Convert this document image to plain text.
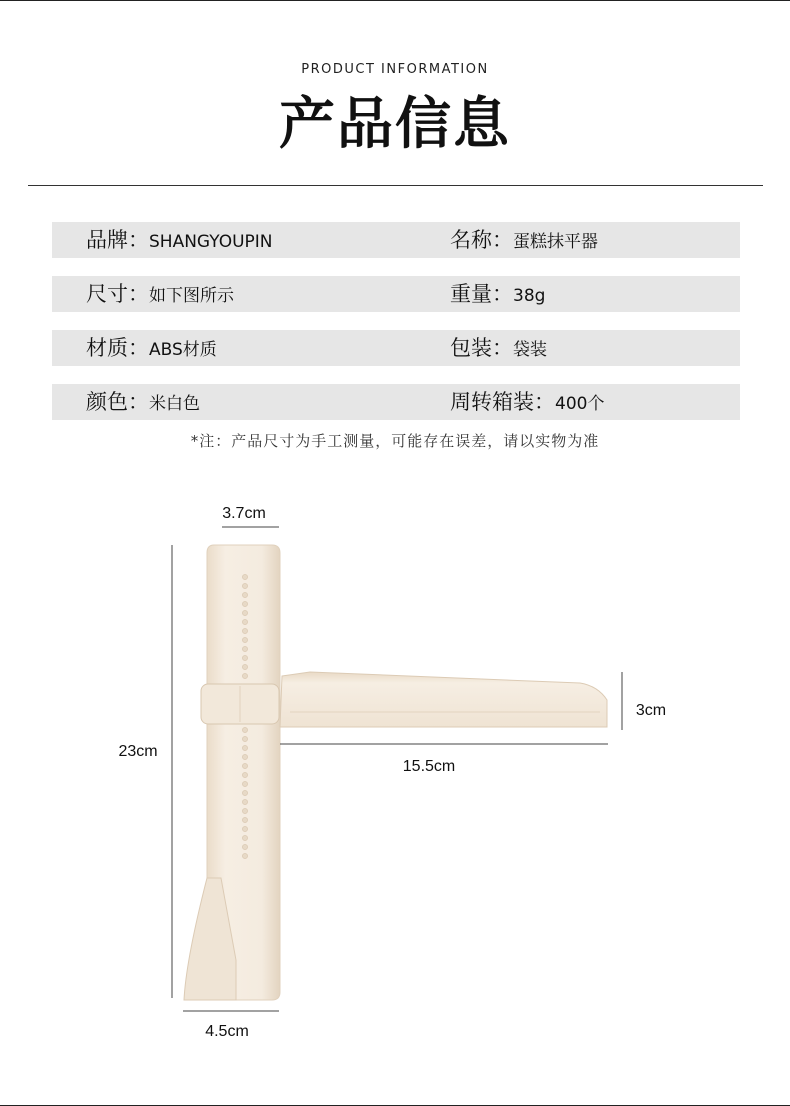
PRODUCT INFORMATION
产品信息
品牌：SHANGYOUPIN	名称：蛋糕抹平器
尺寸：如下图所示	重量：38g
材质：ABS材质	包装：袋装
颜色：米白色	周转箱装：400个
*注：产品尺寸为手工测量，可能存在误差，请以实物为准
3.7cm
23cm
3cm
15.5cm
4.5cm
